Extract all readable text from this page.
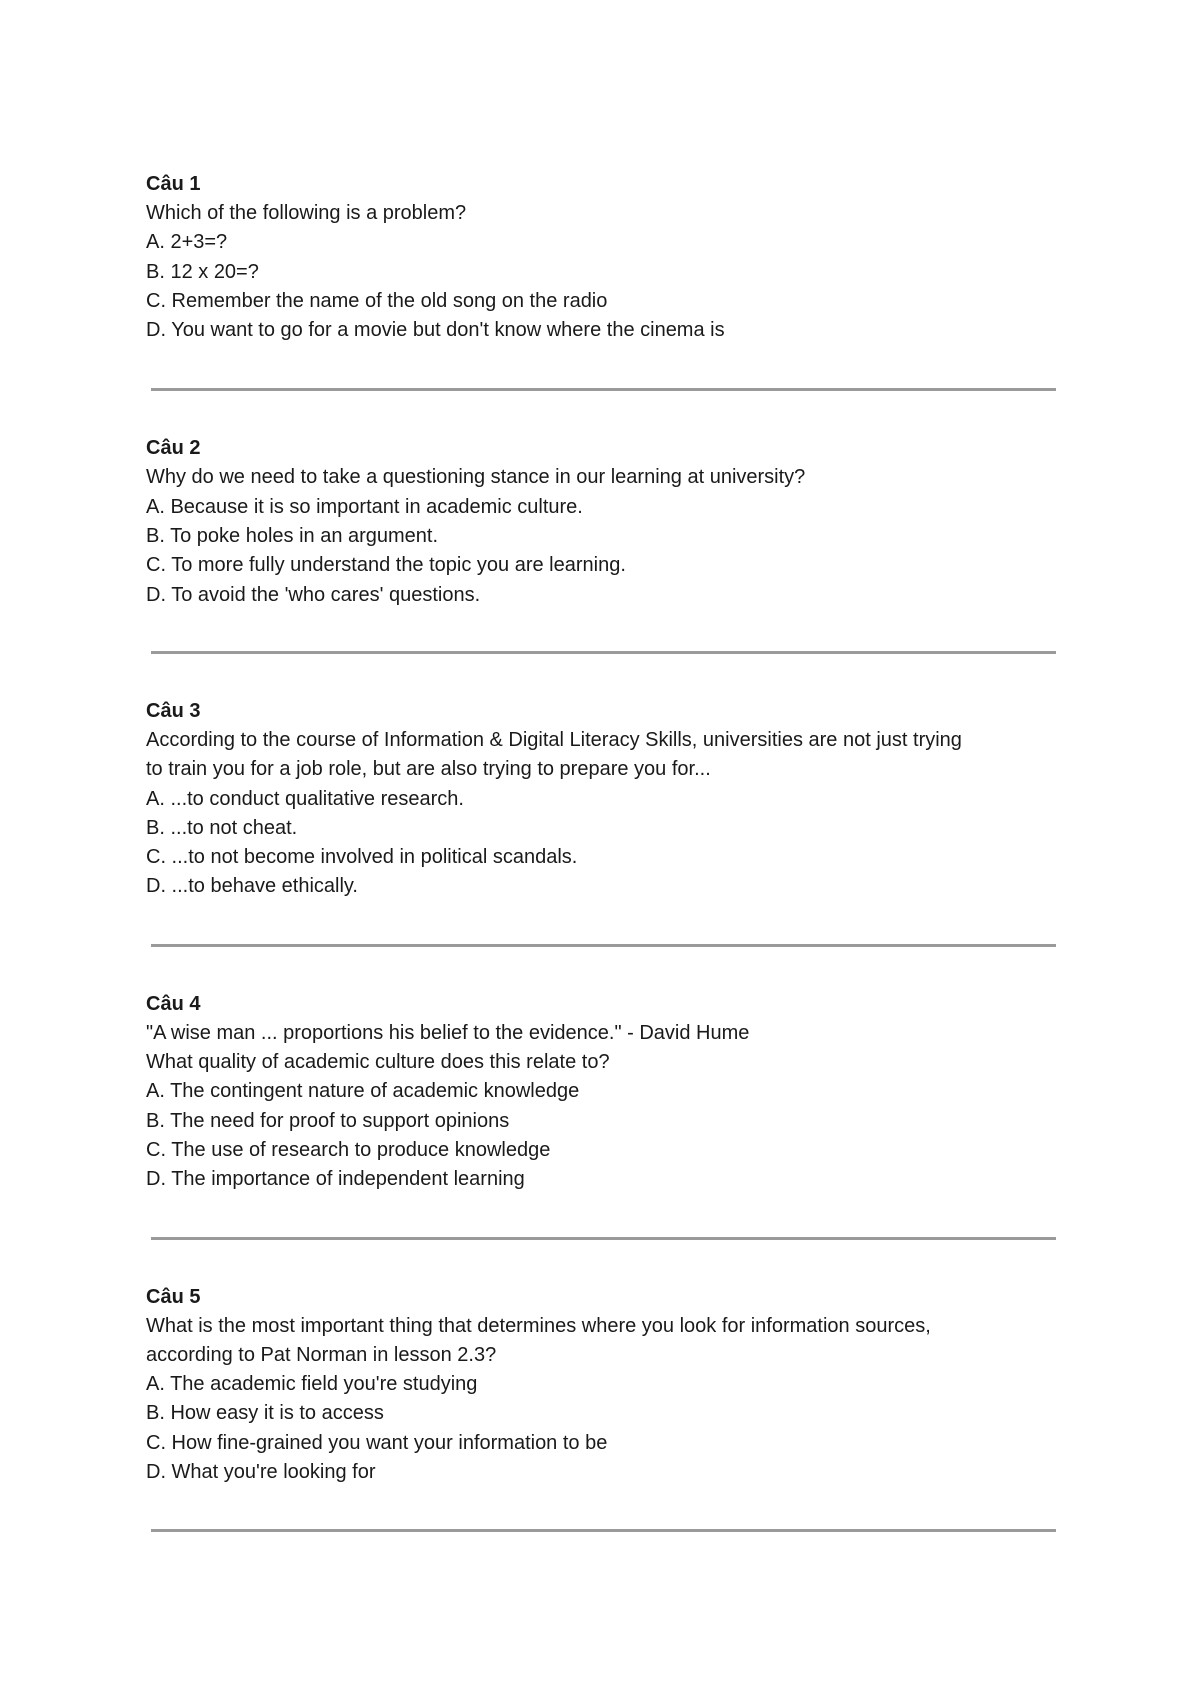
Câu 1

Which of the following is a problem?

A. 2+3=?

B. 12 x 20=?

C. Remember the name of the old song on the radio

D. You want to go for a movie but don't know where the cinema is

Câu 2

Why do we need to take a questioning stance in our learning at university?

A. Because it is so important in academic culture.

B. To poke holes in an argument.

C. To more fully understand the topic you are learning.

D. To avoid the 'who cares' questions.

Câu 3

According to the course of Information & Digital Literacy Skills, universities are not just trying

to train you for a job role, but are also trying to prepare you for...

A. ...to conduct qualitative research.

B. ...to not cheat.

C. ...to not become involved in political scandals.

D. ...to behave ethically.

Câu 4

"A wise man ... proportions his belief to the evidence." - David Hume

What quality of academic culture does this relate to?

A. The contingent nature of academic knowledge

B. The need for proof to support opinions

C. The use of research to produce knowledge

D. The importance of independent learning

Câu 5

What is the most important thing that determines where you look for information sources,

according to Pat Norman in lesson 2.3?

A. The academic field you're studying

B. How easy it is to access

C. How fine-grained you want your information to be

D. What you're looking for
